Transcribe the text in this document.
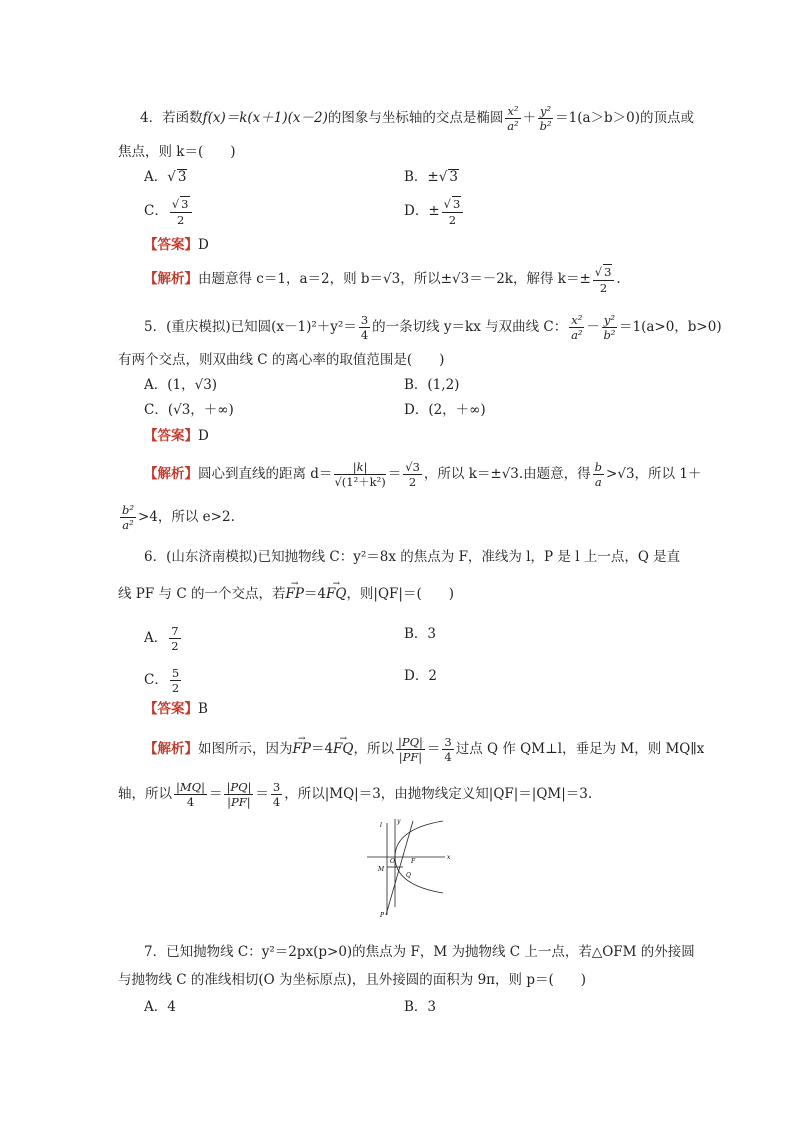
4．若函数f(x)＝k(x＋1)(x－2)的图象与坐标轴的交点是椭圆 $\frac{\text{x²}}{\text{a²}} + \frac{\text{y²}}{\text{b²}} =1(a>b>0)$的顶点或
焦点，则 k＝(　　)
A．√ 3	B．±√ 3
C． $\frac{√ 3}{2}$	D．± $\frac{√ 3}{2}$
【答案】D
【解析】由题意得 c＝1，a＝2，则 b＝√3，所以±√3＝－2k，解得 $k=\pm \frac{√ 3}{2}$ .
5．(重庆模拟)已知圆$(x-1)^2+y^2= \frac{3}{4}$ 的一条切线 y＝kx 与双曲线 C： $\frac{\text{x²}}{\text{a²}} - \frac{\text{y²}}{\text{b²}} =1(a>0$，b>0)
有两个交点，则双曲线 C 的离心率的取值范围是(　　)
A．(1，√3)	B．(1,2)
C．(√3，＋∞)	D．(2，＋∞)
【答案】D
【解析】圆心到直线的距离 $d= \frac{|k|}{\text{√(1²＋k²)}} = \frac{√3}{2}$ ，所以 k＝±√3.由题意，得 $\frac{b}{a} >√3$，所以 1＋
$\frac{\text{b²}}{\text{a²}} >4$，所以 e>2.
6．(山东济南模拟)已知抛物线 C：y²＝8x 的焦点为 F，准线为 l，P 是 l 上一点，Q 是直
线 PF 与 C 的一个交点，若→ FP＝4→ FQ，则|QF|＝(　　)
A． $\frac{7}{2}$	B．3
C． $\frac{5}{2}$	D．2
【答案】B
【解析】如图所示，因为→ FP＝4→ FQ，所以 $\frac{|PQ|}{|PF|} = \frac{3}{4}$ 过点 Q 作 QM⊥l，垂足为 M，则 MQ∥x
轴，所以 $\frac{|MQ|}{4} = \frac{|PQ|}{|PF|} = \frac{3}{4}$ ，所以|MQ|＝3，由抛物线定义知|QF|＝|QM|＝3.
l
y
x
O	F
M
Q
P
7．已知抛物线 C：y²＝2px(p>0)的焦点为 F，M 为抛物线 C 上一点，若△OFM 的外接圆
与抛物线 C 的准线相切(O 为坐标原点)，且外接圆的面积为 9π，则 p＝(　　)
A．4	B．3
